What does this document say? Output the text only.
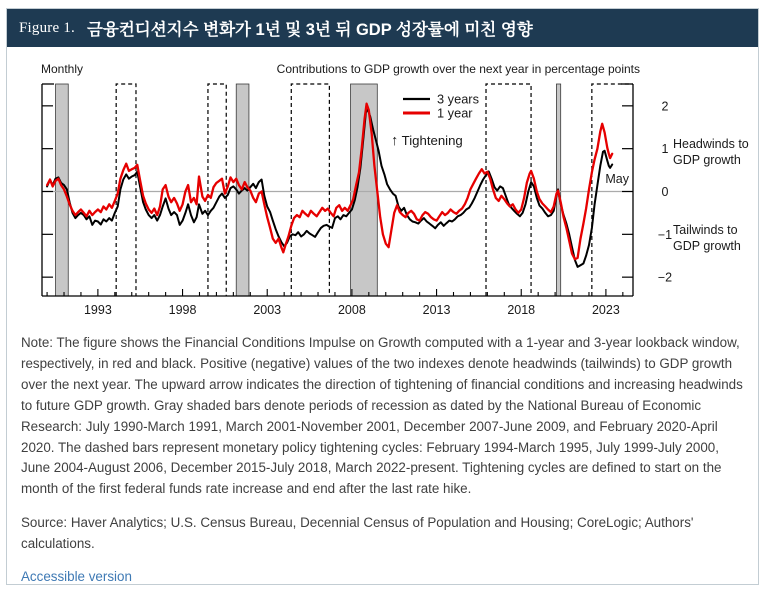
Figure 1. 금융컨디션지수 변화가 1년 및 3년 뒤 GDP 성장률에 미친 영향
−2
−1
0
1
2
1993	1998	2003	2008	2013	2018	2023
Monthly	Contributions to GDP growth over the next year in percentage points
3 years
1 year
↑ Tightening
May
Headwinds to
GDP growth
Tailwinds to
GDP growth

Note: The figure shows the Financial Conditions Impulse on Growth computed with a 1-year and 3-year lookback window, respectively, in red and black. Positive (negative) values of the two indexes denote headwinds (tailwinds) to GDP growth over the next year. The upward arrow indicates the direction of tightening of financial conditions and increasing headwinds to future GDP growth. Gray shaded bars denote periods of recession as dated by the National Bureau of Economic Research: July 1990-March 1991, March 2001-November 2001, December 2007-June 2009, and February 2020-April 2020. The dashed bars represent monetary policy tightening cycles: February 1994-March 1995, July 1999-July 2000, June 2004-August 2006, December 2015-July 2018, March 2022-present. Tightening cycles are defined to start on the month of the first federal funds rate increase and end after the last rate hike.

Source: Haver Analytics; U.S. Census Bureau, Decennial Census of Population and Housing; CoreLogic; Authors' calculations.

Accessible version
